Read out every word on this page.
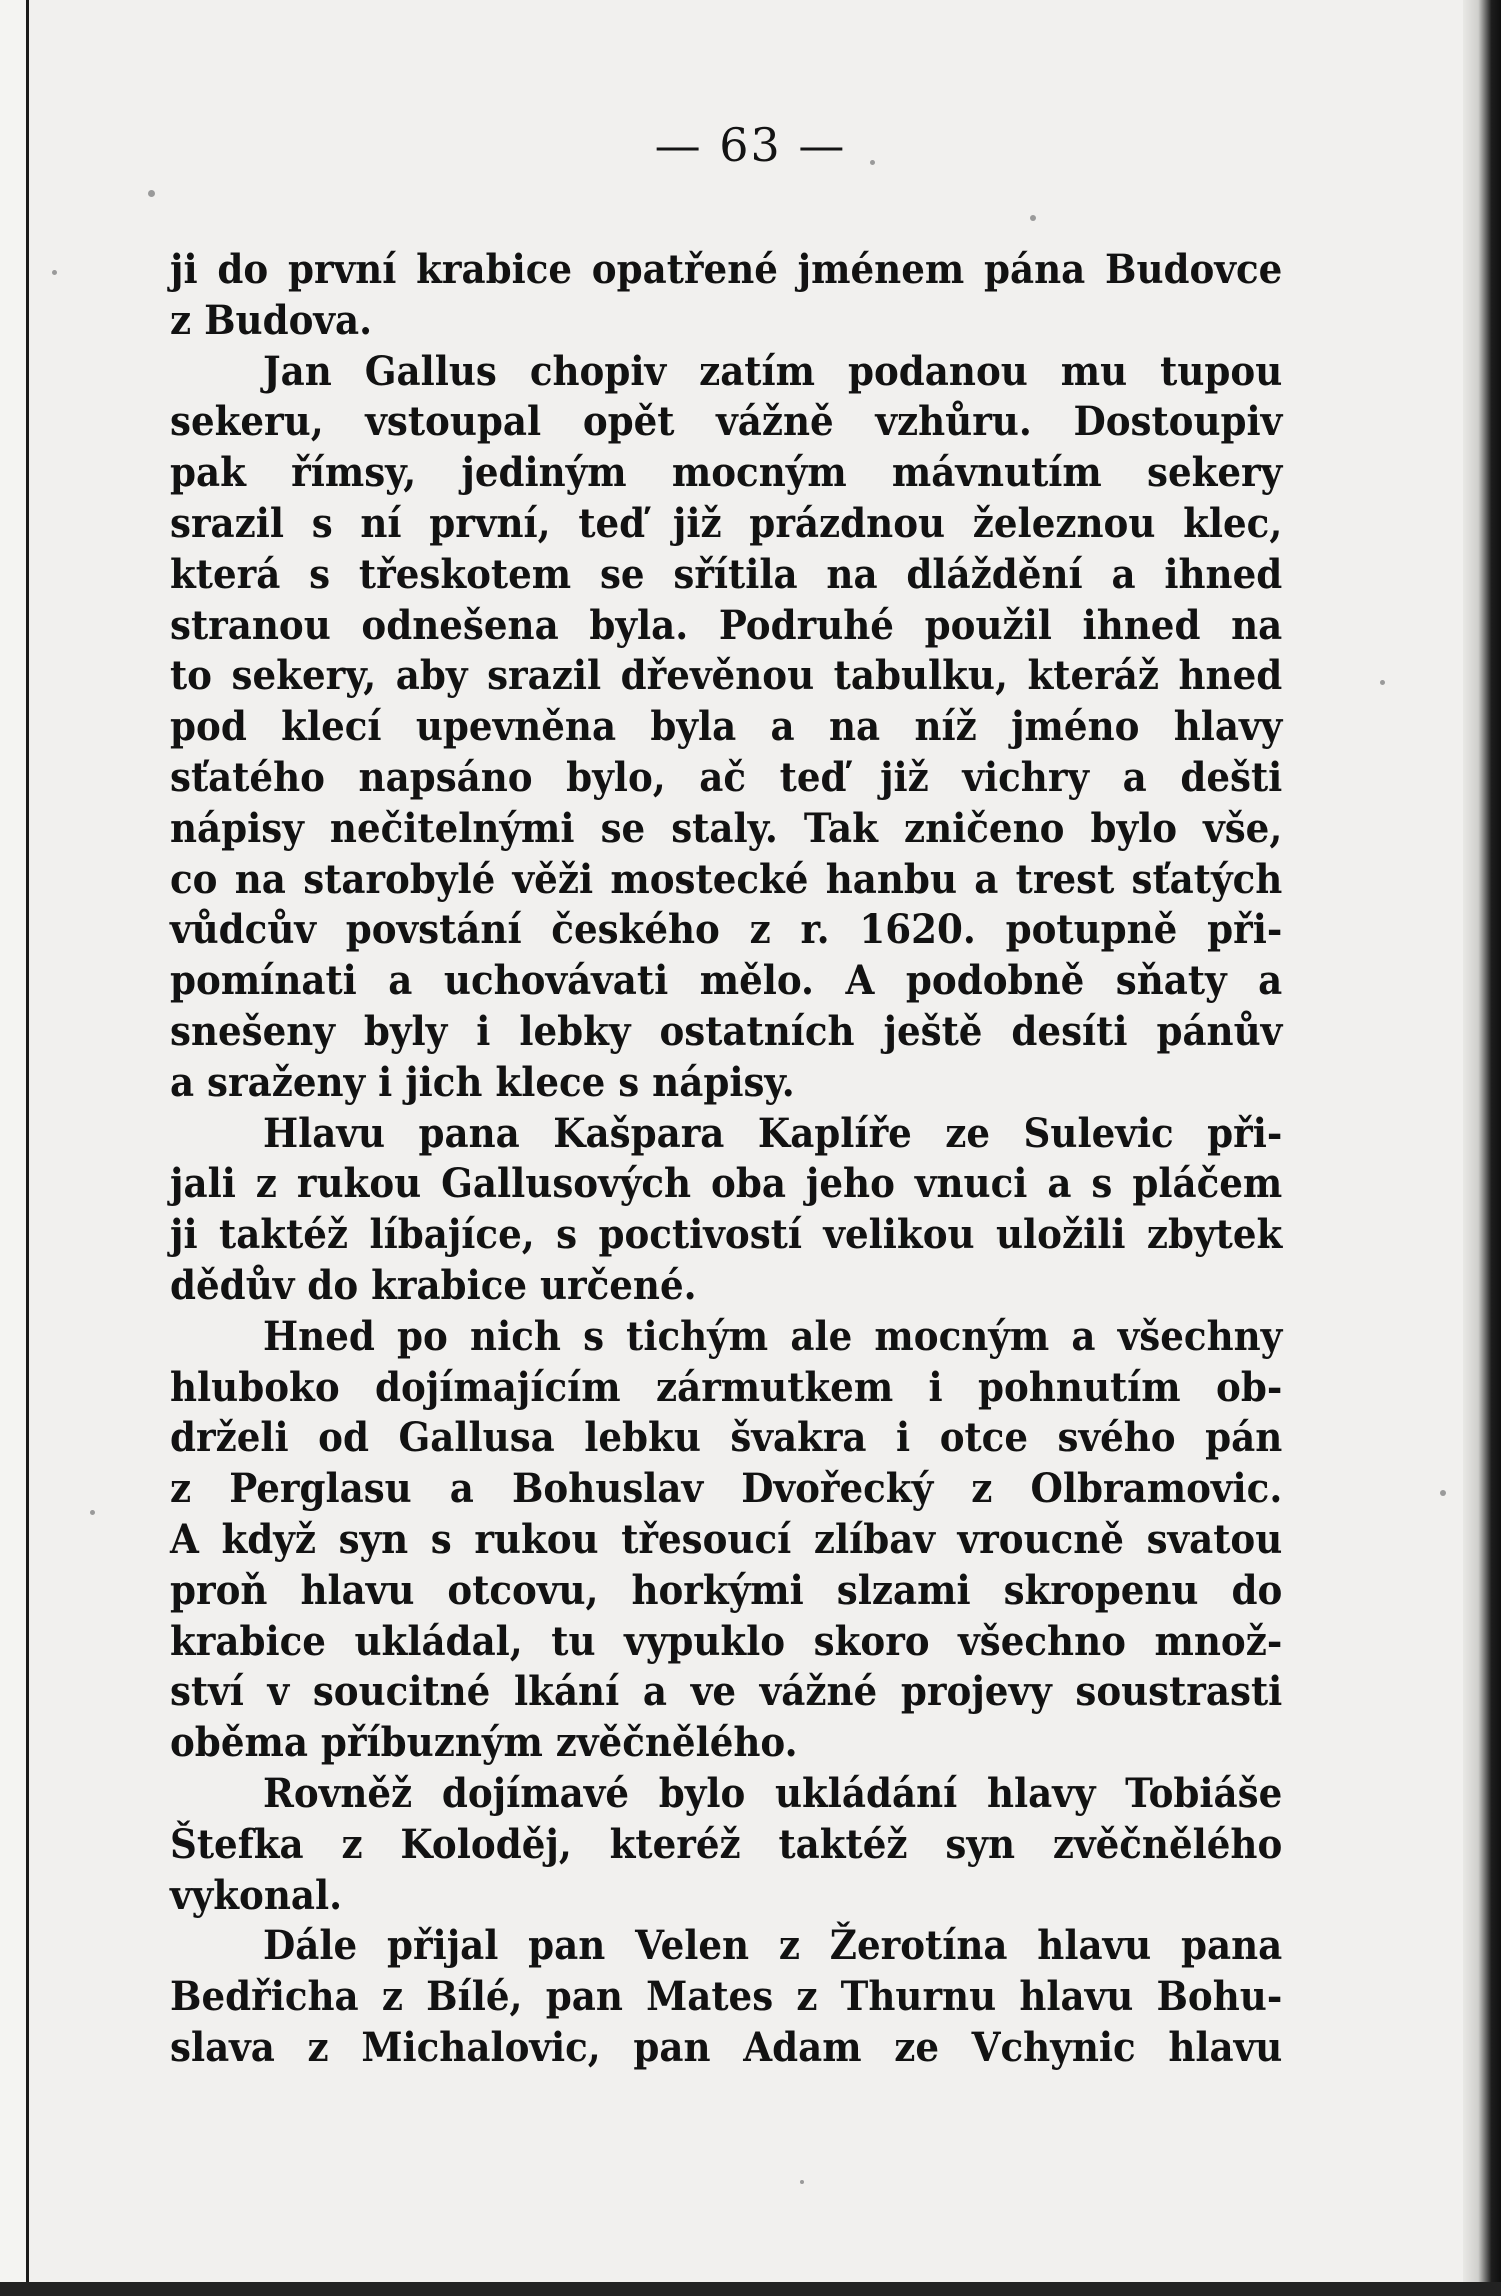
— 63 —
ji do první krabice opatřené jménem pána Budovce
z Budova.
Jan Gallus chopiv zatím podanou mu tupou
sekeru, vstoupal opět vážně vzhůru. Dostoupiv
pak římsy, jediným mocným mávnutím sekery
srazil s ní první, teď již prázdnou železnou klec,
která s třeskotem se sřítila na dláždění a ihned
stranou odnešena byla. Podruhé použil ihned na
to sekery, aby srazil dřevěnou tabulku, kteráž hned
pod klecí upevněna byla a na níž jméno hlavy
sťatého napsáno bylo, ač teď již vichry a dešti
nápisy nečitelnými se staly. Tak zničeno bylo vše,
co na starobylé věži mostecké hanbu a trest sťatých
vůdcův povstání českého z r. 1620. potupně při-
pomínati a uchovávati mělo. A podobně sňaty a
snešeny byly i lebky ostatních ještě desíti pánův
a sraženy i jich klece s nápisy.
Hlavu pana Kašpara Kaplíře ze Sulevic při-
jali z rukou Gallusových oba jeho vnuci a s pláčem
ji taktéž líbajíce, s poctivostí velikou uložili zbytek
dědův do krabice určené.
Hned po nich s tichým ale mocným a všechny
hluboko dojímajícím zármutkem i pohnutím ob-
drželi od Gallusa lebku švakra i otce svého pán
z Perglasu a Bohuslav Dvořecký z Olbramovic.
A když syn s rukou třesoucí zlíbav vroucně svatou
proň hlavu otcovu, horkými slzami skropenu do
krabice ukládal, tu vypuklo skoro všechno množ-
ství v soucitné lkání a ve vážné projevy soustrasti
oběma příbuzným zvěčnělého.
Rovněž dojímavé bylo ukládání hlavy Tobiáše
Štefka z Koloděj, kteréž taktéž syn zvěčnělého
vykonal.
Dále přijal pan Velen z Žerotína hlavu pana
Bedřicha z Bílé, pan Mates z Thurnu hlavu Bohu-
slava z Michalovic, pan Adam ze Vchynic hlavu
